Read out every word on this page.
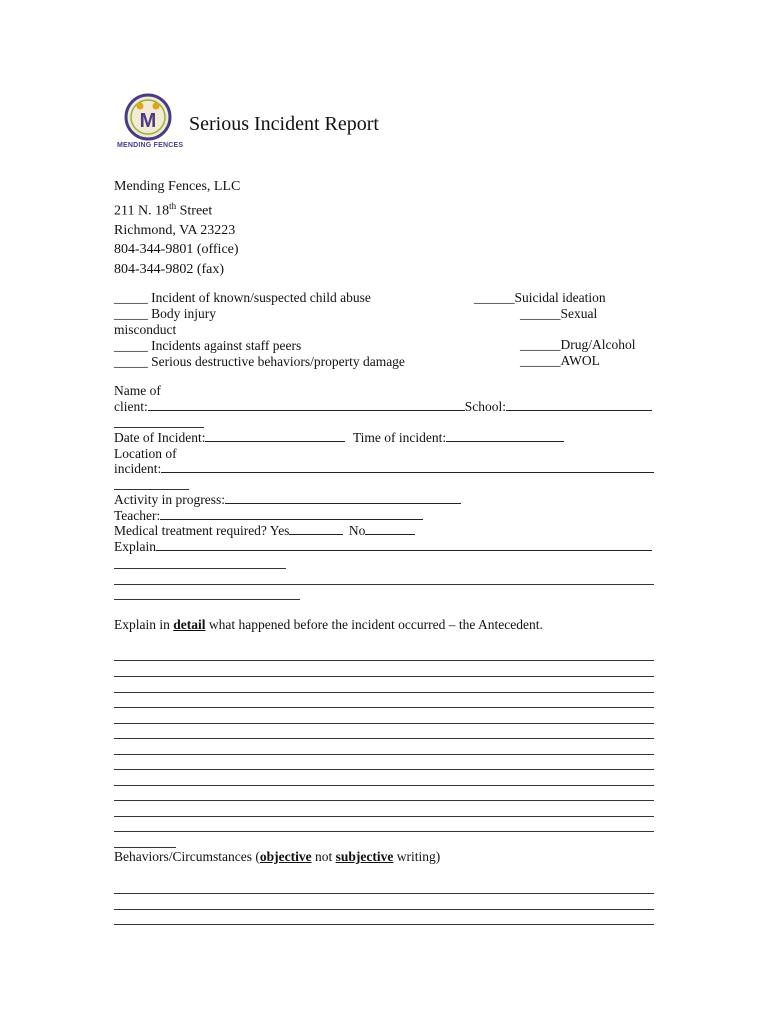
M
MENDING FENCES
Serious Incident Report
Mending Fences, LLC
211 N. 18th Street
Richmond, VA 23223
804-344-9801 (office)
804-344-9802 (fax)
_____ Incident of known/suspected child abuse
_____ Body injury
misconduct
_____ Incidents against staff peers
_____ Serious destructive behaviors/property damage
______Suicidal ideation
______Sexual
______Drug/Alcohol
______AWOL
Name of
client:	School:
Date of Incident:	Time of incident:
Location of
incident:
Activity in progress:
Teacher:
Medical treatment required? Yes	No
Explain
Explain in detail what happened before the incident occurred – the Antecedent.
Behaviors/Circumstances (objective not subjective writing)
